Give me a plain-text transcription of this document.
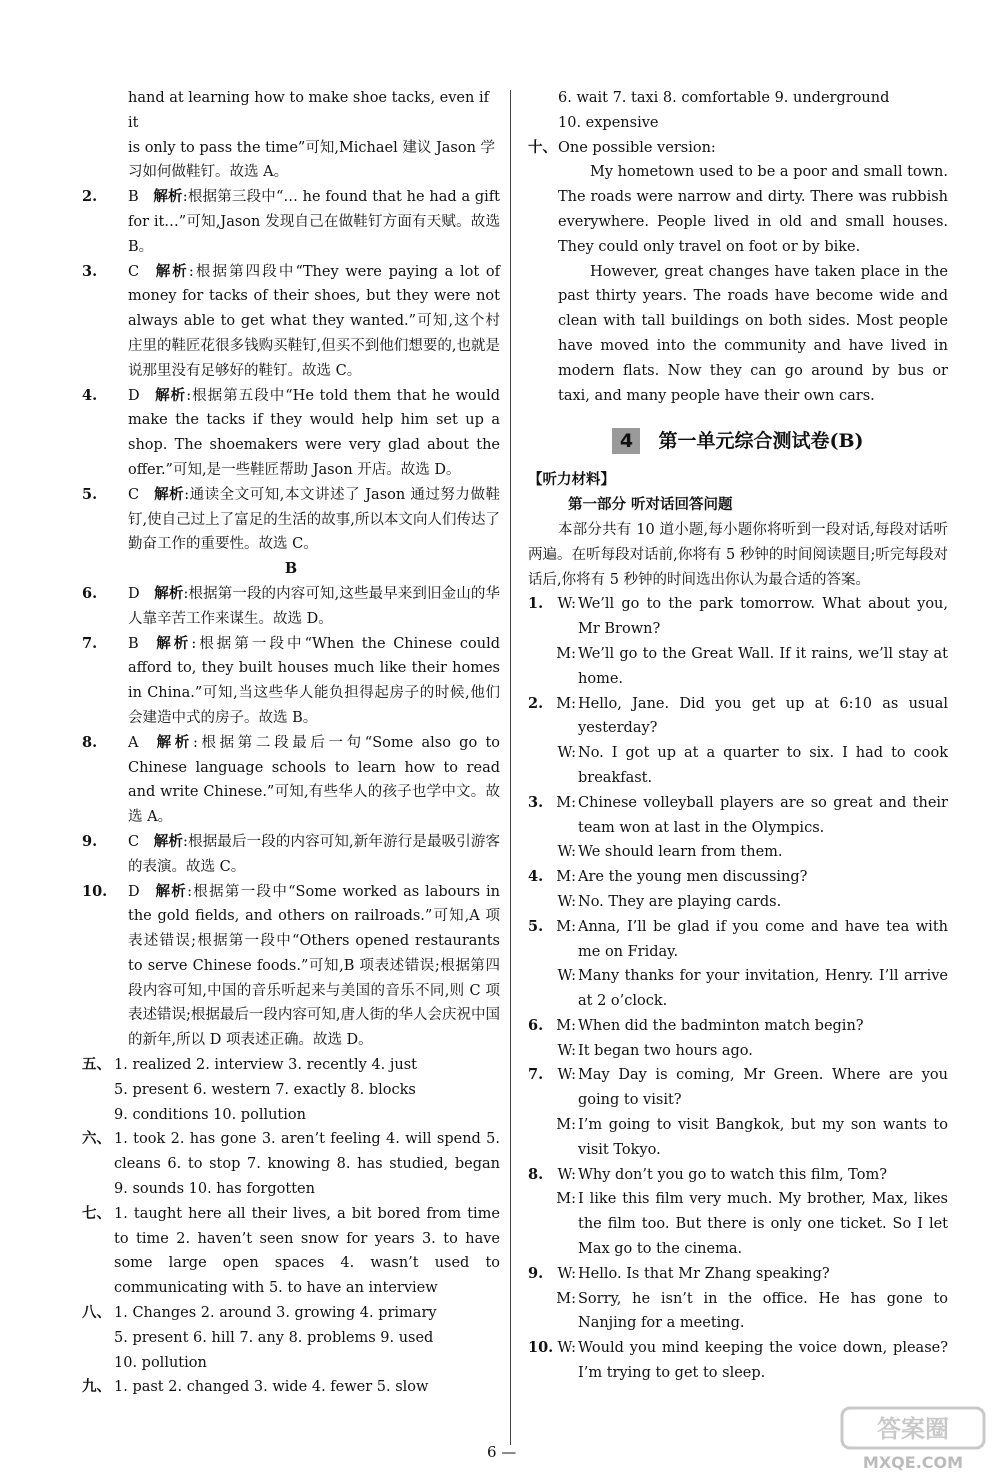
hand at learning how to make shoe tacks, even if it
is only to pass the time”可知,Michael 建议 Jason 学
习如何做鞋钉。故选 A。
2.	B  解析:根据第三段中“… he found that he had a gift for it…”可知,Jason 发现自己在做鞋钉方面有天赋。故选 B。
3.	C  解析:根据第四段中“They were paying a lot of money for tacks of their shoes, but they were not always able to get what they wanted.”可知,这个村庄里的鞋匠花很多钱购买鞋钉,但买不到他们想要的,也就是说那里没有足够好的鞋钉。故选 C。
4.	D  解析:根据第五段中“He told them that he would make the tacks if they would help him set up a shop. The shoemakers were very glad about the offer.”可知,是一些鞋匠帮助 Jason 开店。故选 D。
5.	C  解析:通读全文可知,本文讲述了 Jason 通过努力做鞋钉,使自己过上了富足的生活的故事,所以本文向人们传达了勤奋工作的重要性。故选 C。
B
6.	D  解析:根据第一段的内容可知,这些最早来到旧金山的华人靠辛苦工作来谋生。故选 D。
7.	B  解析:根据第一段中“When the Chinese could afford to, they built houses much like their homes in China.”可知,当这些华人能负担得起房子的时候,他们会建造中式的房子。故选 B。
8.	A  解析:根据第二段最后一句“Some also go to Chinese language schools to learn how to read and write Chinese.”可知,有些华人的孩子也学中文。故选 A。
9.	C  解析:根据最后一段的内容可知,新年游行是最吸引游客的表演。故选 C。
10.	D  解析:根据第一段中“Some worked as labours in the gold fields, and others on railroads.”可知,A 项表述错误;根据第一段中“Others opened restaurants to serve Chinese foods.”可知,B 项表述错误;根据第四段内容可知,中国的音乐听起来与美国的音乐不同,则 C 项表述错误;根据最后一段内容可知,唐人街的华人会庆祝中国的新年,所以 D 项表述正确。故选 D。
五、 1. realized 2. interview 3. recently 4. just
5. present 6. western 7. exactly 8. blocks
9. conditions 10. pollution
六、 1. took 2. has gone 3. aren’t feeling 4. will spend 5. cleans 6. to stop 7. knowing 8. has studied, began 9. sounds 10. has forgotten
七、 1. taught here all their lives, a bit bored from time to time 2. haven’t seen snow for years 3. to have some large open spaces 4. wasn’t used to communicating with 5. to have an interview
八、 1. Changes 2. around 3. growing 4. primary
5. present 6. hill 7. any 8. problems 9. used
10. pollution
九、 1. past 2. changed 3. wide 4. fewer 5. slow
6. wait 7. taxi 8. comfortable 9. underground
10. expensive
十、 One possible version:
My hometown used to be a poor and small town. The roads were narrow and dirty. There was rubbish everywhere. People lived in old and small houses. They could only travel on foot or by bike.
However, great changes have taken place in the past thirty years. The roads have become wide and clean with tall buildings on both sides. Most people have moved into the community and have lived in modern flats. Now they can go around by bus or taxi, and many people have their own cars.
4	第一单元综合测试卷(B)
【听力材料】
第一部分 听对话回答问题
本部分共有 10 道小题,每小题你将听到一段对话,每段对话听两遍。在听每段对话前,你将有 5 秒钟的时间阅读题目;听完每段对话后,你将有 5 秒钟的时间选出你认为最合适的答案。
1. W: We’ll go to the park tomorrow. What about you, Mr Brown?
M: We’ll go to the Great Wall. If it rains, we’ll stay at home.
2. M: Hello, Jane. Did you get up at 6:10 as usual yesterday?
W: No. I got up at a quarter to six. I had to cook breakfast.
3. M: Chinese volleyball players are so great and their team won at last in the Olympics.
W: We should learn from them.
4. M: Are the young men discussing?
W: No. They are playing cards.
5. M: Anna, I’ll be glad if you come and have tea with me on Friday.
W: Many thanks for your invitation, Henry. I’ll arrive at 2 o’clock.
6. M: When did the badminton match begin?
W: It began two hours ago.
7. W: May Day is coming, Mr Green. Where are you going to visit?
M: I’m going to visit Bangkok, but my son wants to visit Tokyo.
8. W: Why don’t you go to watch this film, Tom?
M: I like this film very much. My brother, Max, likes the film too. But there is only one ticket. So I let Max go to the cinema.
9. W: Hello. Is that Mr Zhang speaking?
M: Sorry, he isn’t in the office. He has gone to Nanjing for a meeting.
10. W: Would you mind keeping the voice down, please? I’m trying to get to sleep.
6 —
答案圈
MXQE.COM
